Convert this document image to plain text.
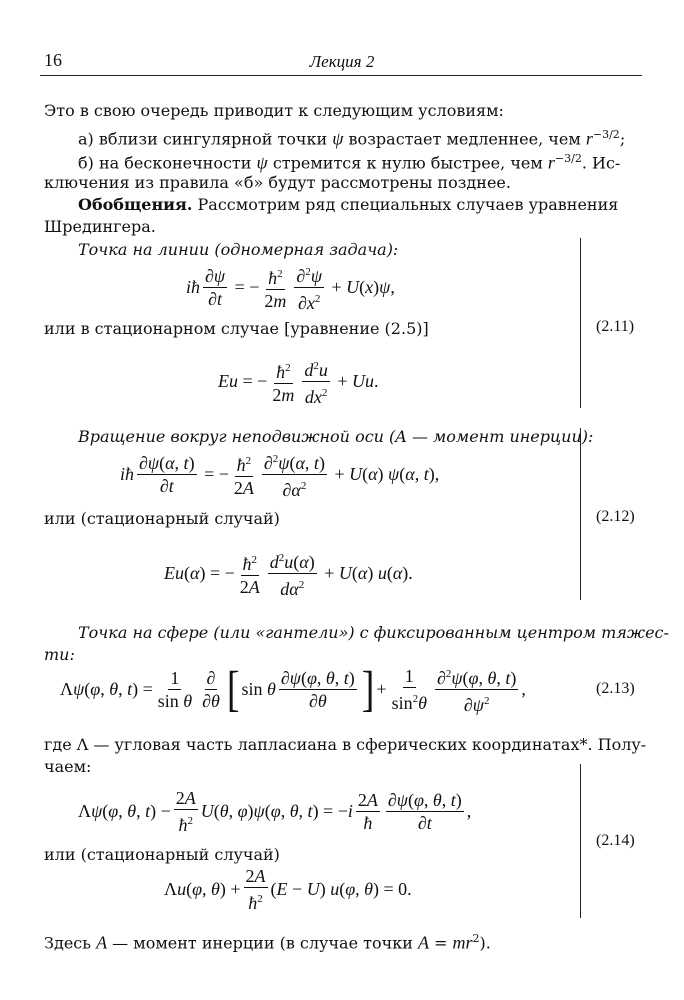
16	Лекция 2
Это в свою очередь приводит к следующим условиям:
а) вблизи сингулярной точки ψ возрастает медленнее, чем $r^{-3/2}$;
б) на бесконечности ψ стремится к нулю быстрее, чем $r^{-3/2}$. Ис-
ключения из правила «б» будут рассмотрены позднее.
Обобщения. Рассмотрим ряд специальных случаев уравнения
Шредингера.
Точка на линии (одномерная задача):
iħ $\frac{\partial\psi}{\partial t}$ = − $\frac{ħ^2}{2m} \frac{\partial^2\psi}{\partial x^2} + U(x)\psi$,
или в стационарном случае [уравнение (2.5)]
Eu = − $\frac{ħ^2}{2m} \frac{d^2u}{dx^2} + Uu$.
(2.11)
Вращение вокруг неподвижной оси (A — момент инерции):
iħ $\frac{\partial\psi(\alpha, t)}{\partial t}$ = − $\frac{ħ^2}{2A} \frac{\partial^2\psi(\alpha, t)}{\partial\alpha^2} + U(\alpha)$ ψ(α, t),
или (стационарный случай)
Eu ( α ) = − $\frac{ħ^2}{2A} \frac{d^2u(\alpha)}{d\alpha^2} + U(\alpha)$ u(α).
(2.12)
Точка на сфере (или «гантели») с фиксированным центром тяжес-
ти:
Λψ(φ, θ, $t) = \frac{1}{\text{sin θ}} \frac{\partial}{\partial\theta}$ [ sin θ $\frac{\partial\psi(\varphi, \theta, t)}{\partial\theta}$ ] + $\frac{1}{\sin^2\theta} \frac{\partial^2\psi(\varphi, \theta, t)}{\partial\psi^2}$ ,	(2.13)
где Λ — угловая часть лапласиана в сферических координатах*. Полу-
чаем:
Λψ(φ, θ, $t) - \frac{2A}{ħ^2} U(\theta$, φ)ψ(φ, θ, $t) = -i \frac{2A}{ħ} \frac{\partial\psi(\varphi, \theta, t)}{\partial t}$ ,
или (стационарный случай)
Λu(φ, $\theta) + \frac{2A}{ħ^2} (E - U)$ u(φ, θ) = 0.
(2.14)
Здесь A — момент инерции (в случае точки $A = mr^2$).
